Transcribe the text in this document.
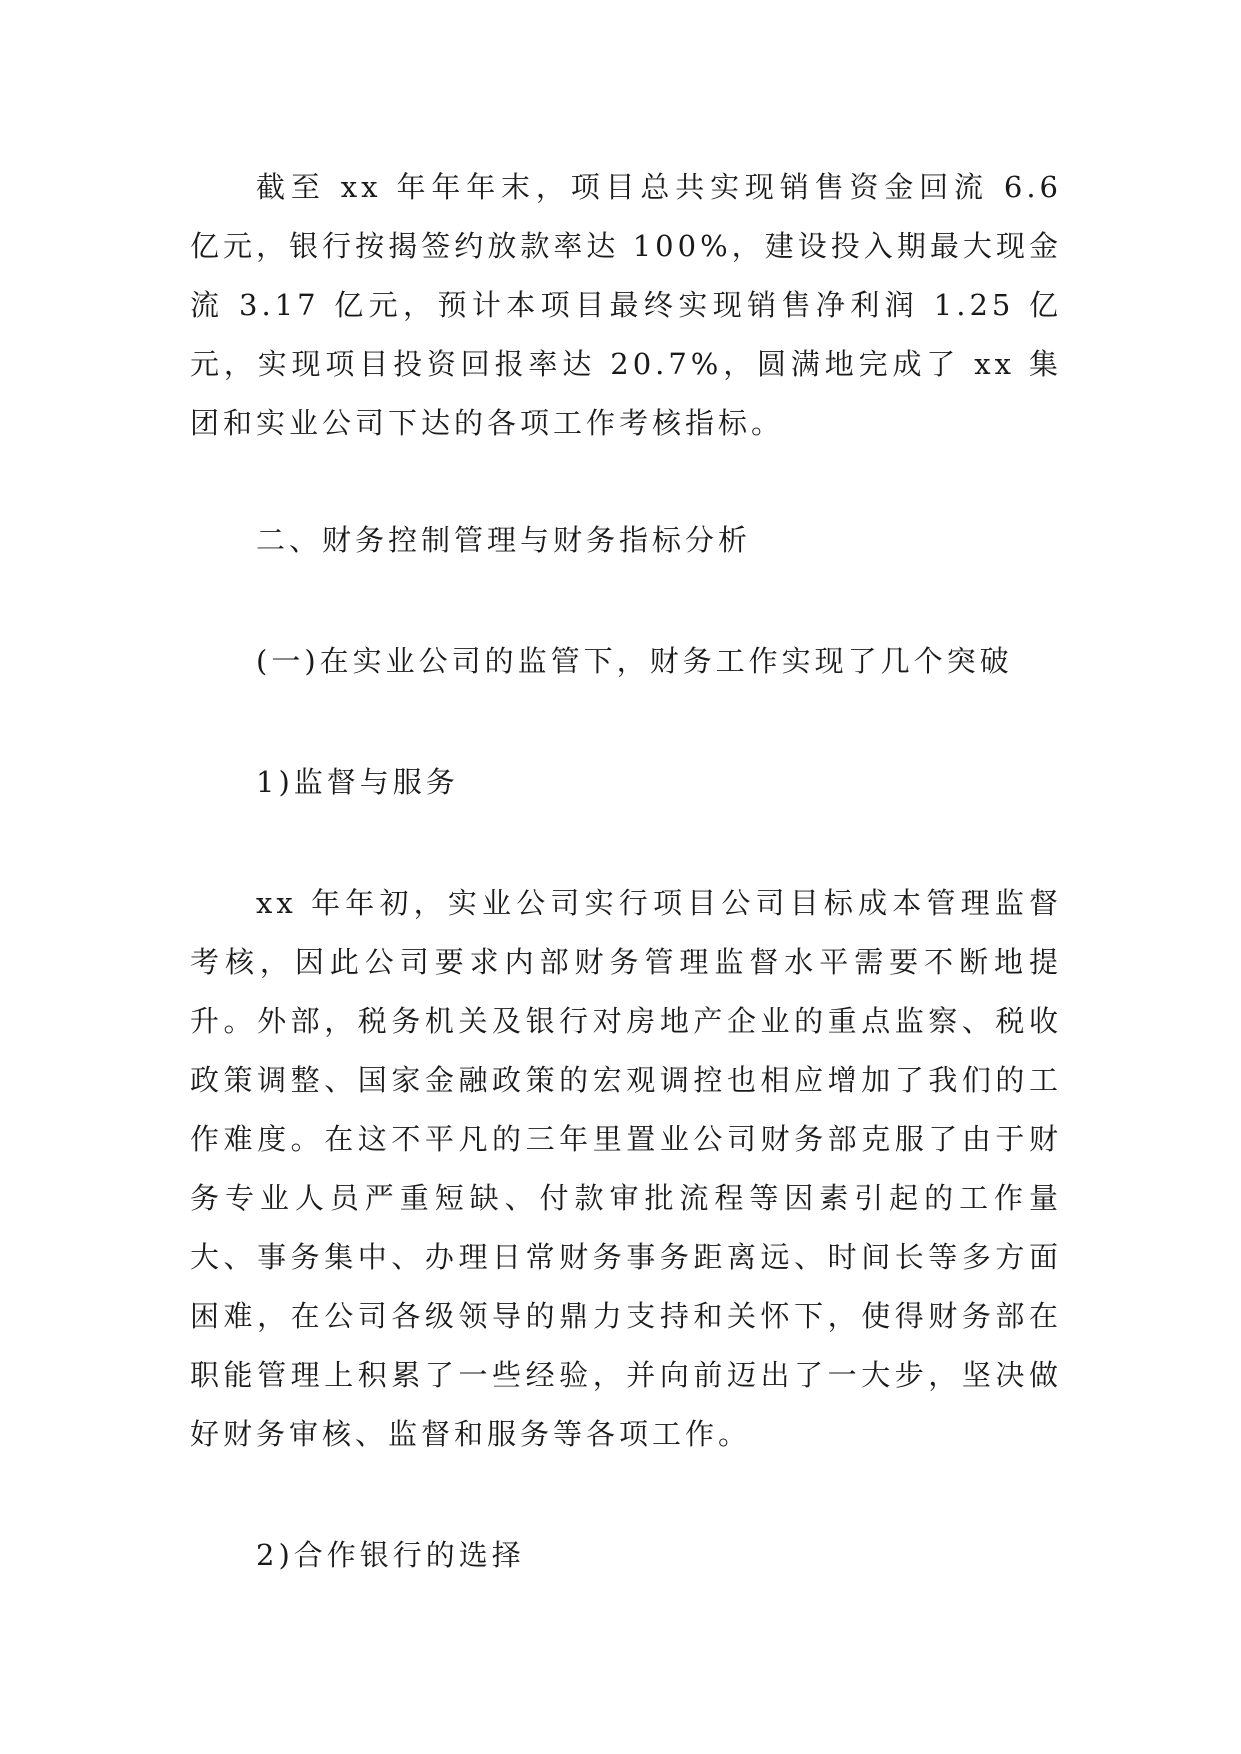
截至 xx 年年年末，项目总共实现销售资金回流 6.6 亿元，银行按揭签约放款率达 100%，建设投入期最大现金流 3.17 亿元，预计本项目最终实现销售净利润 1.25 亿元，实现项目投资回报率达 20.7%，圆满地完成了 xx 集团和实业公司下达的各项工作考核指标。

二、财务控制管理与财务指标分析

(一)在实业公司的监管下，财务工作实现了几个突破

1)监督与服务

xx 年年初，实业公司实行项目公司目标成本管理监督考核，因此公司要求内部财务管理监督水平需要不断地提升。外部，税务机关及银行对房地产企业的重点监察、税收政策调整、国家金融政策的宏观调控也相应增加了我们的工作难度。在这不平凡的三年里置业公司财务部克服了由于财务专业人员严重短缺、付款审批流程等因素引起的工作量大、事务集中、办理日常财务事务距离远、时间长等多方面困难，在公司各级领导的鼎力支持和关怀下，使得财务部在职能管理上积累了一些经验，并向前迈出了一大步，坚决做好财务审核、监督和服务等各项工作。

2)合作银行的选择
